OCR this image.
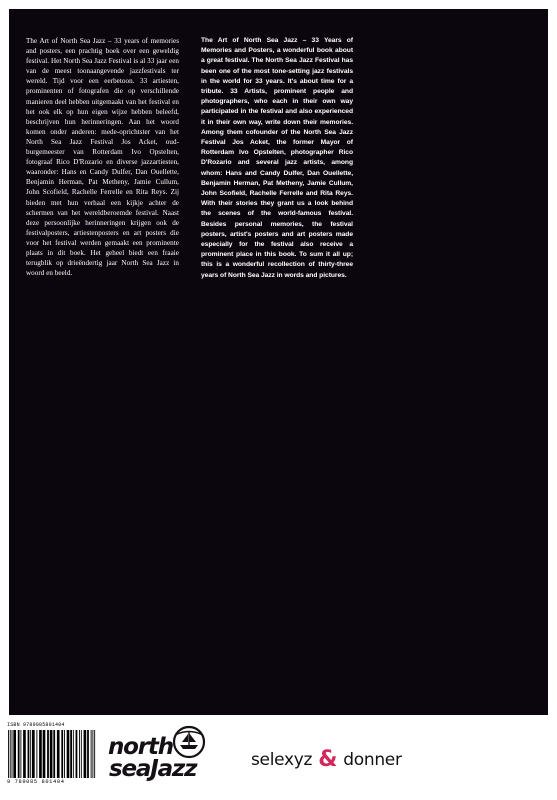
The Art of North Sea Jazz – 33 years of memories and posters, een prachtig boek over een geweldig festival. Het North Sea Jazz Festival is al 33 jaar een van de meest toonaangevende jazzfestivals ter wereld. Tijd voor een eerbetoon. 33 artiesten, prominenten of fotografen die op verschillende manieren deel hebben uitgemaakt van het festival en het ook elk op hun eigen wijze hebben beleefd, beschrijven hun herinneringen. Aan het woord komen onder anderen: mede-oprichtster van het North Sea Jazz Festival Jos Acket, oud-burgemeester van Rotterdam Ivo Opstelten, fotograaf Rico D'Rozario en diverse jazzartiesten, waaronder: Hans en Candy Dulfer, Dan Ouellette, Benjamin Herman, Pat Metheny, Jamie Cullum, John Scofield, Rachelle Ferrelle en Rita Reys. Zij bieden met hun verhaal een kijkje achter de schermen van het wereldberoemde festival. Naast deze persoonlijke herinneringen krijgen ook de festivalposters, artiestenposters en art posters die voor het festival werden gemaakt een prominente plaats in dit boek. Het geheel biedt een fraaie terugblik op drieëndertig jaar North Sea Jazz in woord en beeld.

The Art of North Sea Jazz – 33 Years of Memories and Posters, a wonderful book about a great festival. The North Sea Jazz Festival has been one of the most tone-setting jazz festivals in the world for 33 years. It's about time for a tribute. 33 Artists, prominent people and photographers, who each in their own way participated in the festival and also experienced it in their own way, write down their memories. Among them cofounder of the North Sea Jazz Festival Jos Acket, the former Mayor of Rotterdam Ivo Opstelten, photographer Rico D'Rozario and several jazz artists, among whom: Hans and Candy Dulfer, Dan Ouellette, Benjamin Herman, Pat Metheny, Jamie Cullum, John Scofield, Rachelle Ferrelle and Rita Reys. With their stories they grant us a look behind the scenes of the world-famous festival. Besides personal memories, the festival posters, artist's posters and art posters made especially for the festival also receive a prominent place in this book. To sum it all up; this is a wonderful recollection of thirty-three years of North Sea Jazz in words and pictures.

ISBN 9789085801404
9 789085 801404
north
seaJazz	selexyz & donner
